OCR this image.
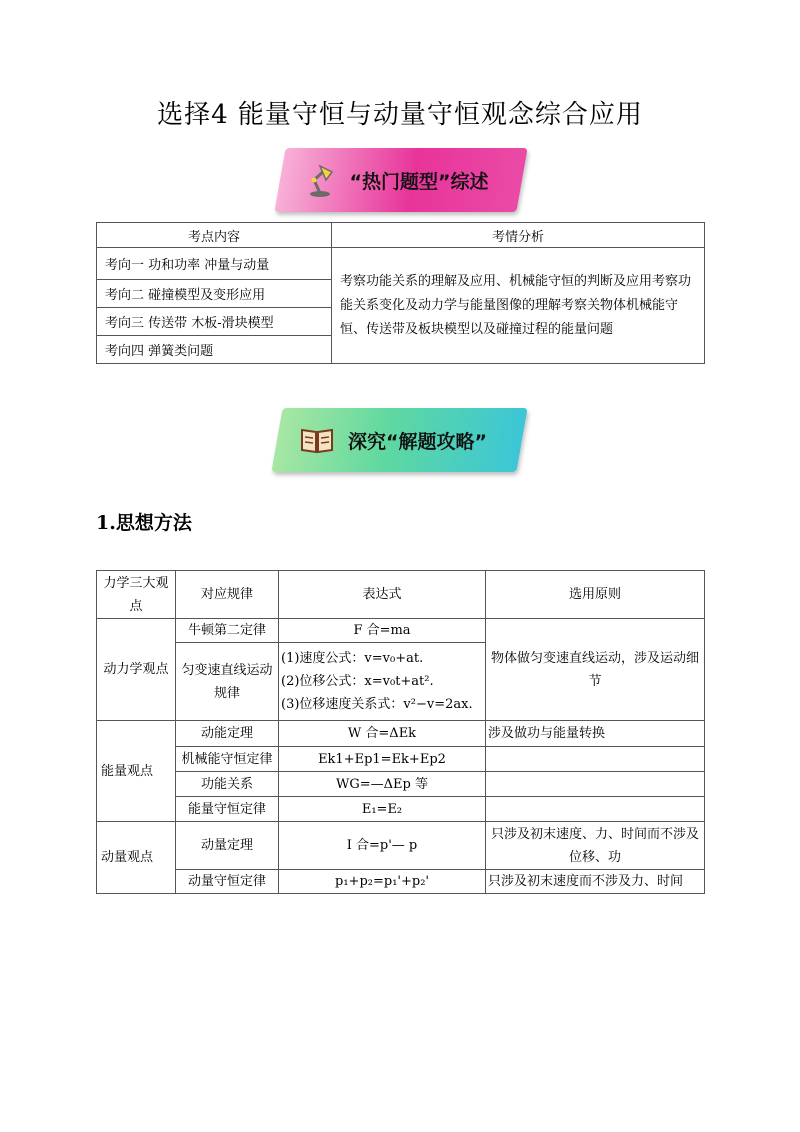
选择4 能量守恒与动量守恒观念综合应用
“热门题型”综述
考点内容	考情分析
考向一 功和功率 冲量与动量	考察功能关系的理解及应用、机械能守恒的判断及应用考察功能关系变化及动力学与能量图像的理解考察关物体机械能守恒、传送带及板块模型以及碰撞过程的能量问题
考向二 碰撞模型及变形应用	
考向三 传送带 木板-滑块模型	
考向四 弹簧类问题	
深究“解题攻略”
1.思想方法
力学三大观点	对应规律	表达式	选用原则
动力学观点	牛顿第二定律	F 合=ma	物体做匀变速直线运动，涉及运动细节
	匀变速直线运动规律	(1)速度公式：v=v₀+at.
(2)位移公式：x=v₀t+at².
(3)位移速度关系式：v²−v=2ax.	

能量观点	动能定理	W 合=ΔEk	涉及做功与能量转换
	机械能守恒定律	Ek1+Ep1=Ek+Ep2	
	功能关系	WG=—ΔEp 等	
	能量守恒定律	E₁=E₂	
动量观点	动量定理	I 合=p'— p	只涉及初末速度、力、时间而不涉及位移、功
	动量守恒定律	p₁+p₂=p₁'+p₂'	只涉及初末速度而不涉及力、时间
